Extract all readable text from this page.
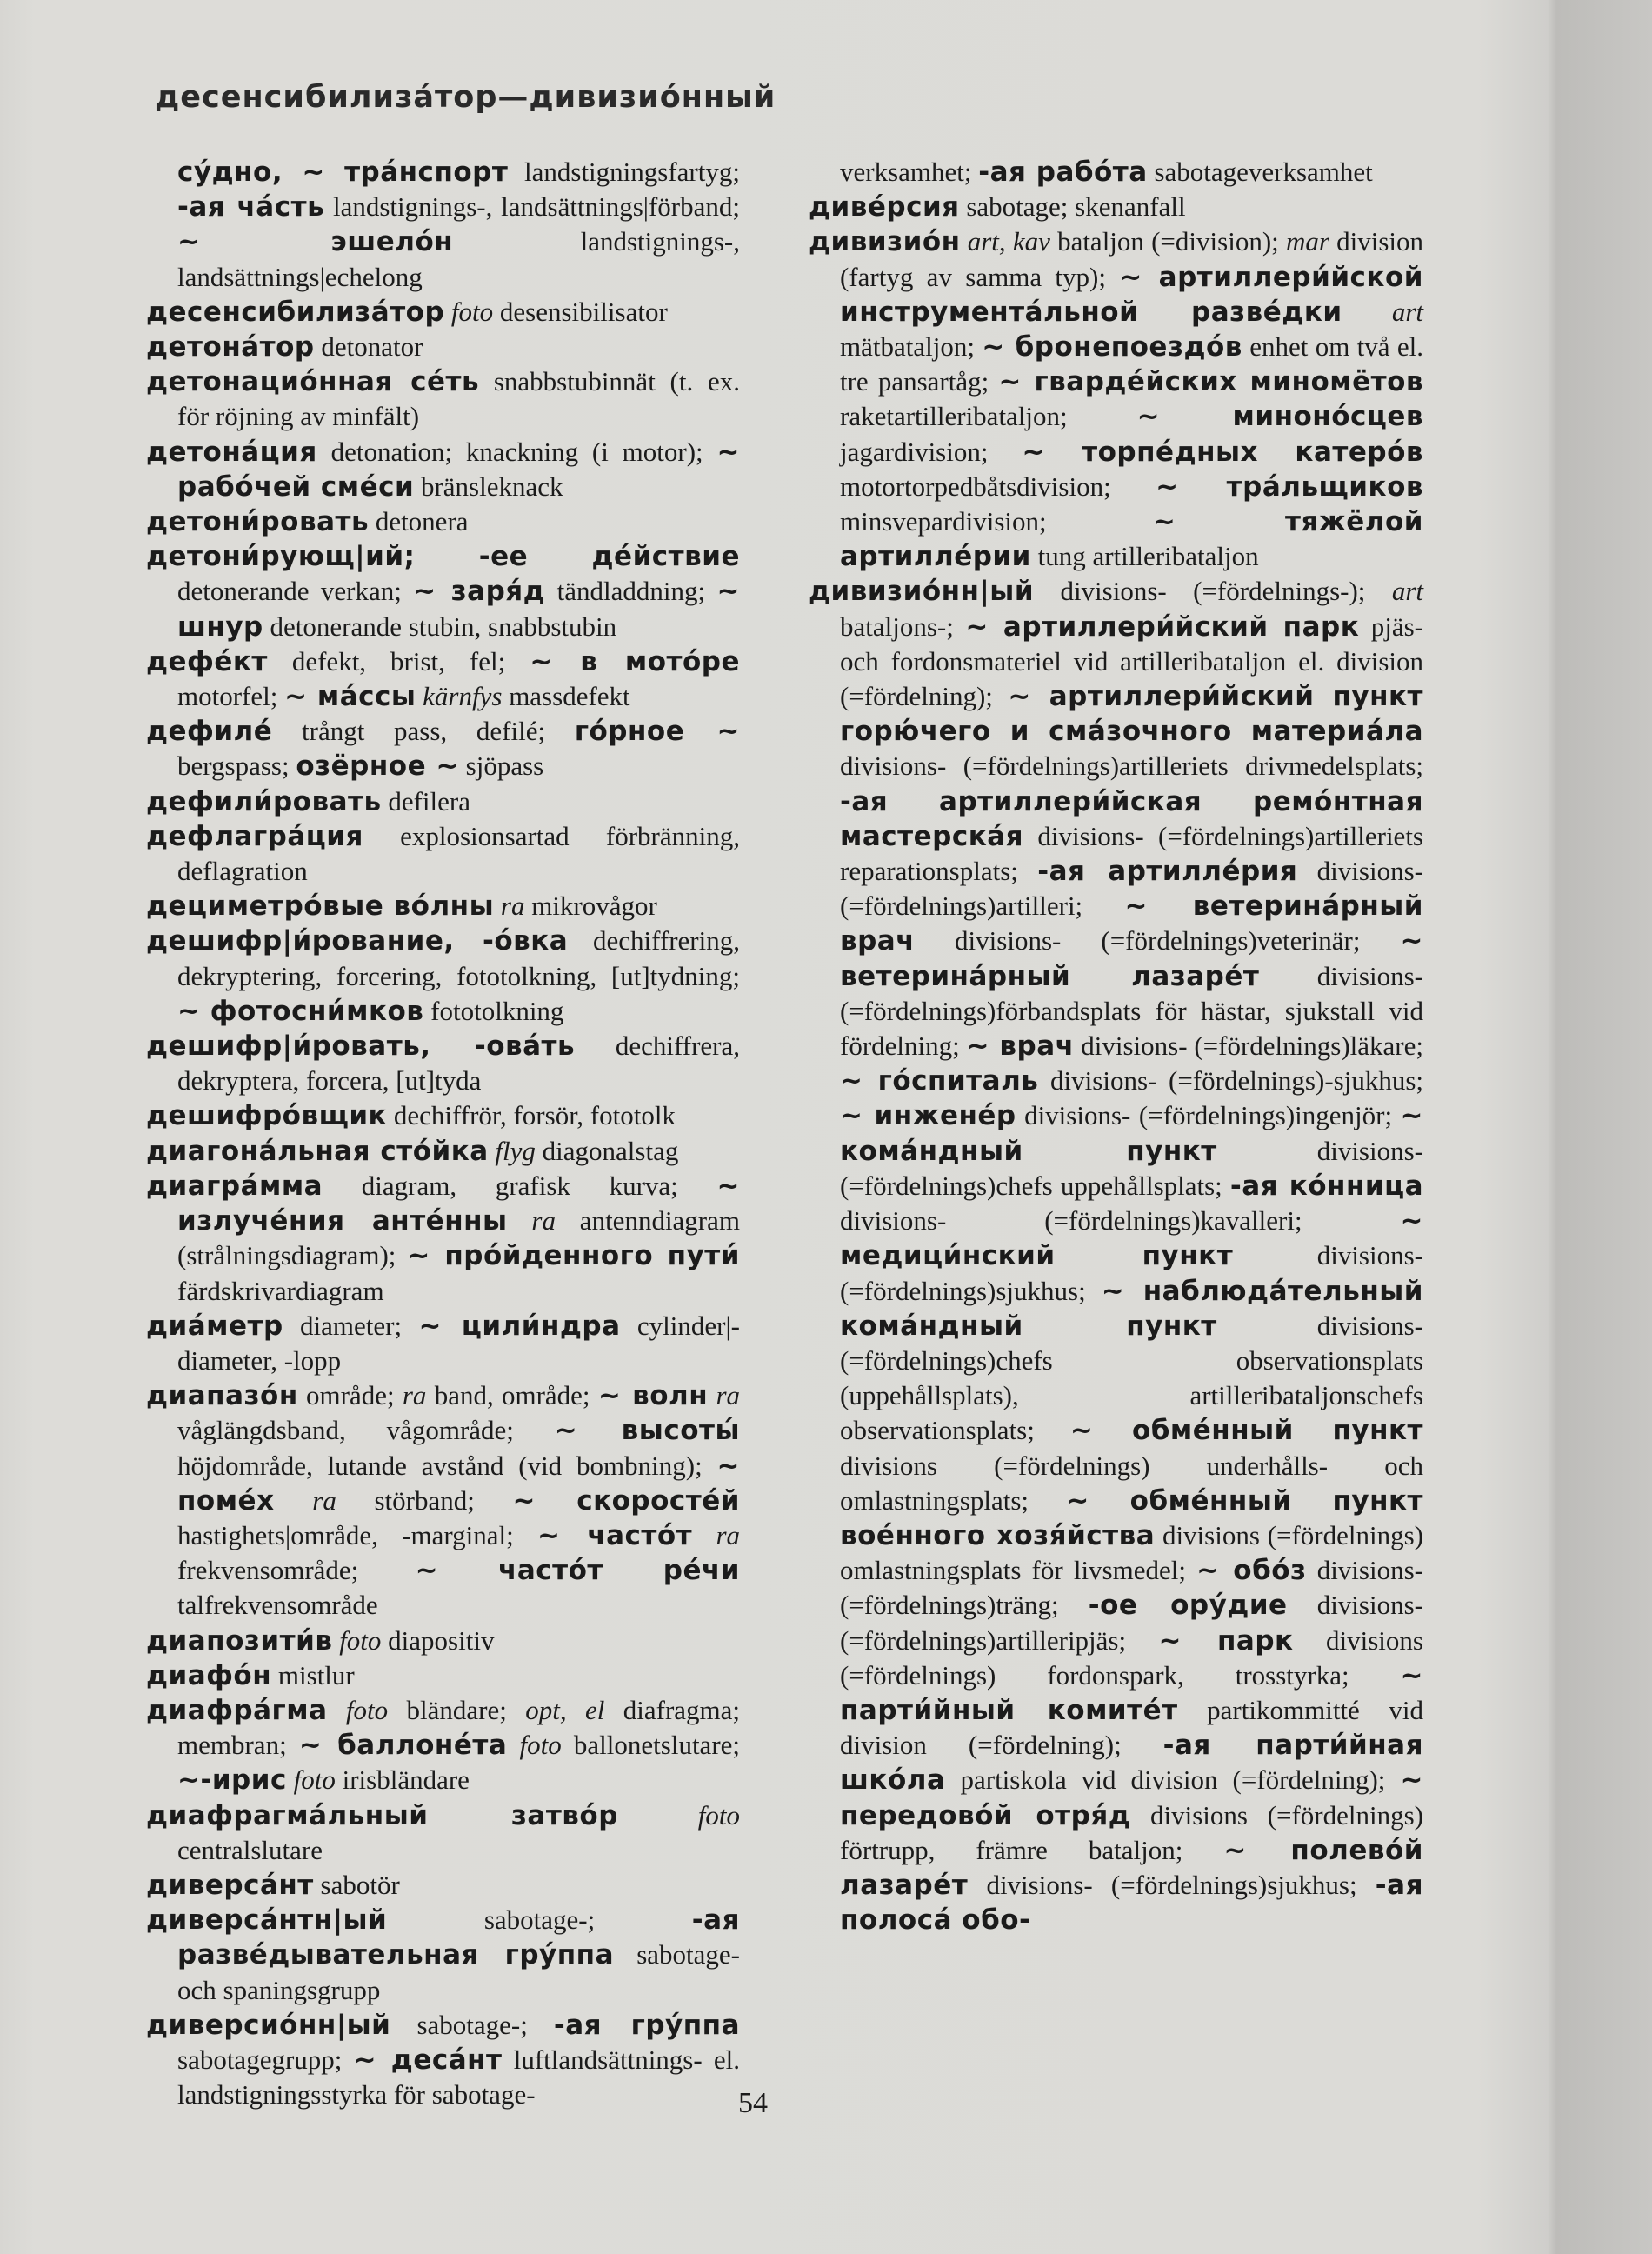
десенсибилиза́тор—дивизио́нный
су́дно, ~ тра́нспорт landstigningsfartyg; -ая ча́сть landstignings-, landsättnings|förband; ~ эшело́н landstignings-, landsättnings|echelong
десенсибилиза́тор foto desensibilisator
детона́тор detonator
детонацио́нная се́ть snabbstubinnät (t. ex. för röjning av minfält)
детона́ция detonation; knackning (i motor); ~ рабо́чей сме́си bränsleknack
детони́ровать detonera
детони́рующ|ий; -ее де́йствие detonerande verkan; ~ заря́д tändladdning; ~ шнур detonerande stubin, snabbstubin
дефе́кт defekt, brist, fel; ~ в мото́ре motorfel; ~ ма́ссы kärnfys massdefekt
дефиле́ trångt pass, defilé; го́рное ~ bergspass; озёрное ~ sjöpass
дефили́ровать defilera
дефлагра́ция explosionsartad förbränning, deflagration
дециметро́вые во́лны ra mikrovågor
дешифр|и́рование, -о́вка dechiffrering, dekryptering, forcering, fototolkning, [ut]tydning; ~ фотосни́мков fototolkning
дешифр|и́ровать, -ова́ть dechiffrera, dekryptera, forcera, [ut]tyda
дешифро́вщик dechiffrör, forsör, fototolk
диагона́льная сто́йка flyg diagonalstag
диагра́мма diagram, grafisk kurva; ~ излуче́ния анте́нны ra antenndiagram (strålningsdiagram); ~ про́йденного пути́ färdskrivardiagram
диа́метр diameter; ~ цили́ндра cylinder|-diameter, -lopp
диапазо́н område; ra band, område; ~ волн ra våglängdsband, vågområde; ~ высоты́ höjdområde, lutande avstånd (vid bombning); ~ поме́х ra störband; ~ скоросте́й hastighets|område, -marginal; ~ часто́т ra frekvensområde; ~ часто́т ре́чи talfrekvensområde
диапозити́в foto diapositiv
диафо́н mistlur
диафра́гма foto bländare; opt, el diafragma; membran; ~ баллоне́та foto ballonetslutare; ~-ирис foto irisbländare
диафрагма́льный затво́р	foto centralslutare
диверса́нт sabotör
диверса́нтн|ый sabotage-; -ая разве́дывательная гру́ппа sabotage- och spaningsgrupp
диверсио́нн|ый sabotage-; -ая гру́ппа sabotagegrupp; ~ деса́нт luftlandsättnings- el. landstigningsstyrka för sabotage-
verksamhet; -ая рабо́та sabotageverksamhet
дивéрсия sabotage; skenanfall
дивизио́н art, kav bataljon (=division); mar division (fartyg av samma typ); ~ артиллери́йской инструмента́льной разве́дки art mätbataljon; ~ бронепоездо́в enhet om två el. tre pansartåg; ~ гварде́йских миномётов raketartilleribataljon; ~ миноно́сцев jagardivision; ~ торпе́дных катеро́в motortorpedbåtsdivision; ~ тра́льщиков minsvepardivision; ~ тяжёлой артилле́рии tung artilleribataljon
дивизио́нн|ый divisions- (=fördelnings-); art bataljons-; ~ артиллери́йский парк pjäs- och fordonsmateriel vid artilleribataljon el. division (=fördelning); ~ артиллери́йский пункт горю́чего и сма́зочного материа́ла divisions- (=fördelnings)artilleriets drivmedelsplats; -ая артиллери́йская ремо́нтная мастерска́я divisions- (=fördelnings)artilleriets reparationsplats; -ая артилле́рия divisions- (=fördelnings)artilleri; ~ ветерина́рный врач divisions- (=fördelnings)veterinär; ~ ветерина́рный лазаре́т divisions- (=fördelnings)förbandsplats för hästar, sjukstall vid fördelning; ~ врач divisions- (=fördelnings)läkare; ~ го́спиталь divisions- (=fördelnings)-sjukhus; ~ инжене́р divisions- (=fördelnings)ingenjör; ~ кома́ндный пункт divisions- (=fördelnings)chefs uppehållsplats; -ая ко́нница divisions- (=fördelnings)kavalleri; ~ медици́нский пункт divisions- (=fördelnings)sjukhus; ~ наблюда́тельный кома́ндный пункт divisions- (=fördelnings)chefs observationsplats (uppehållsplats), artilleribataljonschefs observationsplats; ~ обме́нный пункт divisions (=fördelnings) underhålls- och omlastningsplats; ~ обме́нный пункт вое́нного хозя́йства divisions (=fördelnings) omlastningsplats för livsmedel; ~ обо́з divisions- (=fördelnings)träng; -ое ору́дие divisions- (=fördelnings)artilleripjäs; ~ парк divisions (=fördelnings) fordonspark, trosstyrka; ~ парти́йный комите́т partikommitté vid division (=fördelning); -ая парти́йная шко́ла partiskola vid division (=fördelning); ~ передово́й отря́д divisions (=fördelnings) förtrupp, främre bataljon; ~ полево́й лазаре́т divisions- (=fördelnings)sjukhus; -ая полоса́ обо-
54
